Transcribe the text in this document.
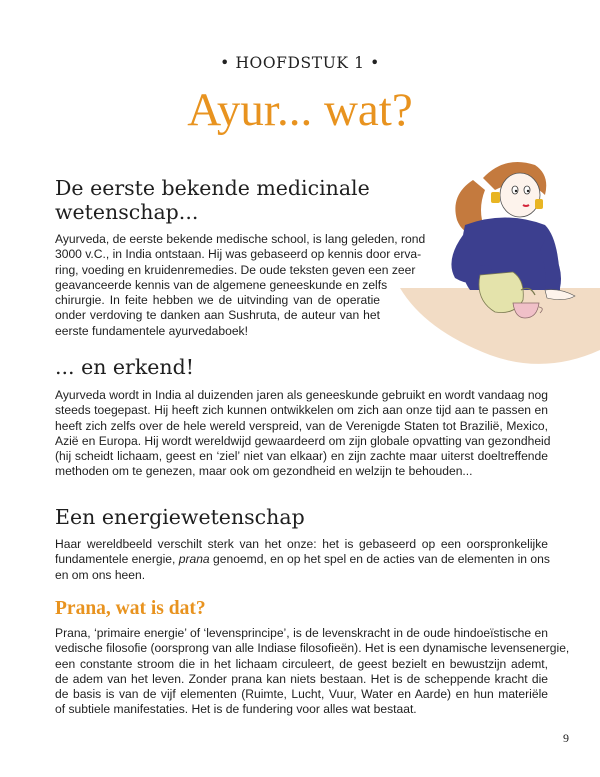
• HOOFDSTUK 1 •
Ayur... wat?
De eerste bekende medicinale
wetenschap...
Ayurveda, de eerste bekende medische school, is lang geleden, rond
3000 v.C., in India ontstaan. Hij was gebaseerd op kennis door erva-
ring, voeding en kruidenremedies. De oude teksten geven een zeer
geavanceerde kennis van de algemene geneeskunde en zelfs
chirurgie. In feite hebben we de uitvinding van de operatie
onder verdoving te danken aan Sushruta, de auteur van het
eerste fundamentele ayurvedaboek!
... en erkend!
Ayurveda wordt in India al duizenden jaren als geneeskunde gebruikt en wordt vandaag nog
steeds toegepast. Hij heeft zich kunnen ontwikkelen om zich aan onze tijd aan te passen en
heeft zich zelfs over de hele wereld verspreid, van de Verenigde Staten tot Brazilië, Mexico,
Azië en Europa. Hij wordt wereldwijd gewaardeerd om zijn globale opvatting van gezondheid
(hij scheidt lichaam, geest en ‘ziel’ niet van elkaar) en zijn zachte maar uiterst doeltreffende
methoden om te genezen, maar ook om gezondheid en welzijn te behouden...
Een energiewetenschap
Haar wereldbeeld verschilt sterk van het onze: het is gebaseerd op een oorspronkelijke
fundamentele energie, prana genoemd, en op het spel en de acties van de elementen in ons
en om ons heen.
Prana, wat is dat?
Prana, ‘primaire energie’ of ‘levensprincipe’, is de levenskracht in de oude hindoeïstische en
vedische filosofie (oorsprong van alle Indiase filosofieën). Het is een dynamische levensenergie,
een constante stroom die in het lichaam circuleert, de geest bezielt en bewustzijn ademt,
de adem van het leven. Zonder prana kan niets bestaan. Het is de scheppende kracht die
de basis is van de vijf elementen (Ruimte, Lucht, Vuur, Water en Aarde) en hun materiële
of subtiele manifestaties. Het is de fundering voor alles wat bestaat.
9
